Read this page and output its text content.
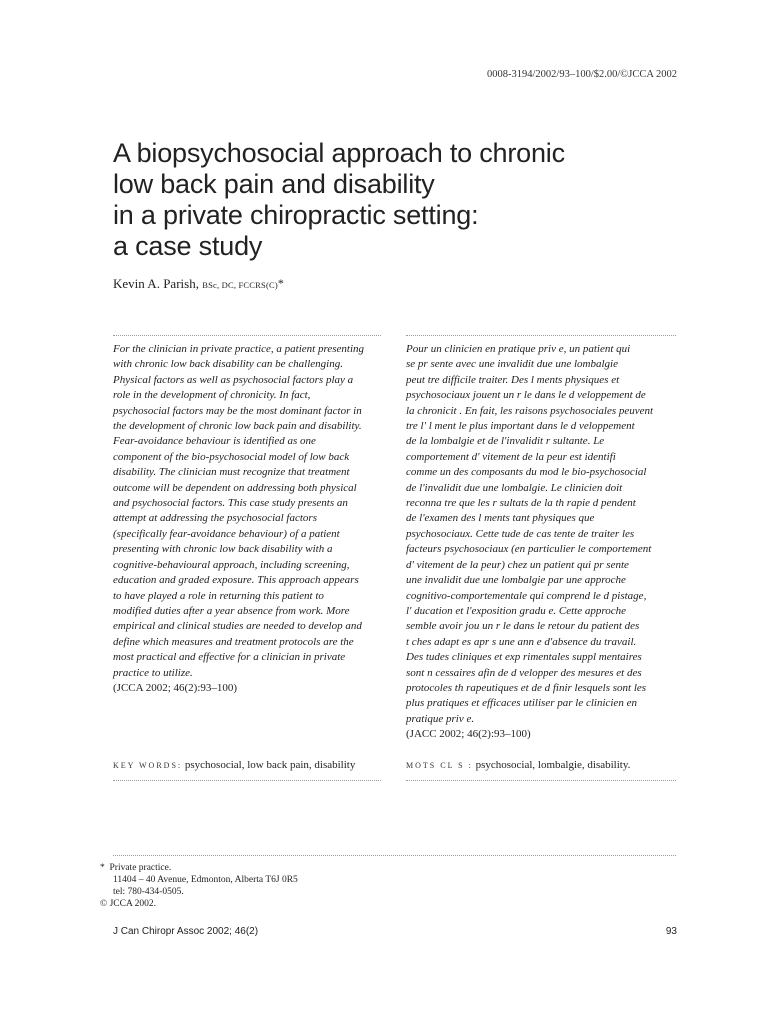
0008-3194/2002/93–100/$2.00/©JCCA 2002
A biopsychosocial approach to chronic
low back pain and disability
in a private chiropractic setting:
a case study
Kevin A. Parish, BSc, DC, FCCRS(C)*
For the clinician in private practice, a patient presenting
with chronic low back disability can be challenging.
Physical factors as well as psychosocial factors play a
role in the development of chronicity. In fact,
psychosocial factors may be the most dominant factor in
the development of chronic low back pain and disability.
Fear-avoidance behaviour is identified as one
component of the bio-psychosocial model of low back
disability. The clinician must recognize that treatment
outcome will be dependent on addressing both physical
and psychosocial factors. This case study presents an
attempt at addressing the psychosocial factors
(specifically fear-avoidance behaviour) of a patient
presenting with chronic low back disability with a
cognitive-behavioural approach, including screening,
education and graded exposure. This approach appears
to have played a role in returning this patient to
modified duties after a year absence from work. More
empirical and clinical studies are needed to develop and
define which measures and treatment protocols are the
most practical and effective for a clinician in private
practice to utilize.
(JCCA 2002; 46(2):93–100)
Pour un clinicien en pratique priv e, un patient qui
se pr sente avec une invalidit due une lombalgie
peut tre difficile traiter. Des l ments physiques et
psychosociaux jouent un r le dans le d veloppement de
la chronicit . En fait, les raisons psychosociales peuvent
tre l' l ment le plus important dans le d veloppement
de la lombalgie et de l'invalidit r sultante. Le
comportement d' vitement de la peur est identifi
comme un des composants du mod le bio-psychosocial
de l'invalidit due une lombalgie. Le clinicien doit
reconna tre que les r sultats de la th rapie d pendent
de l'examen des l ments tant physiques que
psychosociaux. Cette tude de cas tente de traiter les
facteurs psychosociaux (en particulier le comportement
d' vitement de la peur) chez un patient qui pr sente
une invalidit due une lombalgie par une approche
cognitivo-comportementale qui comprend le d pistage,
l' ducation et l'exposition gradu e. Cette approche
semble avoir jou un r le dans le retour du patient des
t ches adapt es apr s une ann e d'absence du travail.
Des tudes cliniques et exp rimentales suppl mentaires
sont n cessaires afin de d velopper des mesures et des
protocoles th rapeutiques et de d finir lesquels sont les
plus pratiques et efficaces utiliser par le clinicien en
pratique priv e.
(JACC 2002; 46(2):93–100)
KEY WORDS: psychosocial, low back pain, disability	MOTS CL S : psychosocial, lombalgie, disability.
* Private practice.
11404 – 40 Avenue, Edmonton, Alberta T6J 0R5
tel: 780-434-0505.
© JCCA 2002.
J Can Chiropr Assoc 2002; 46(2)	93
